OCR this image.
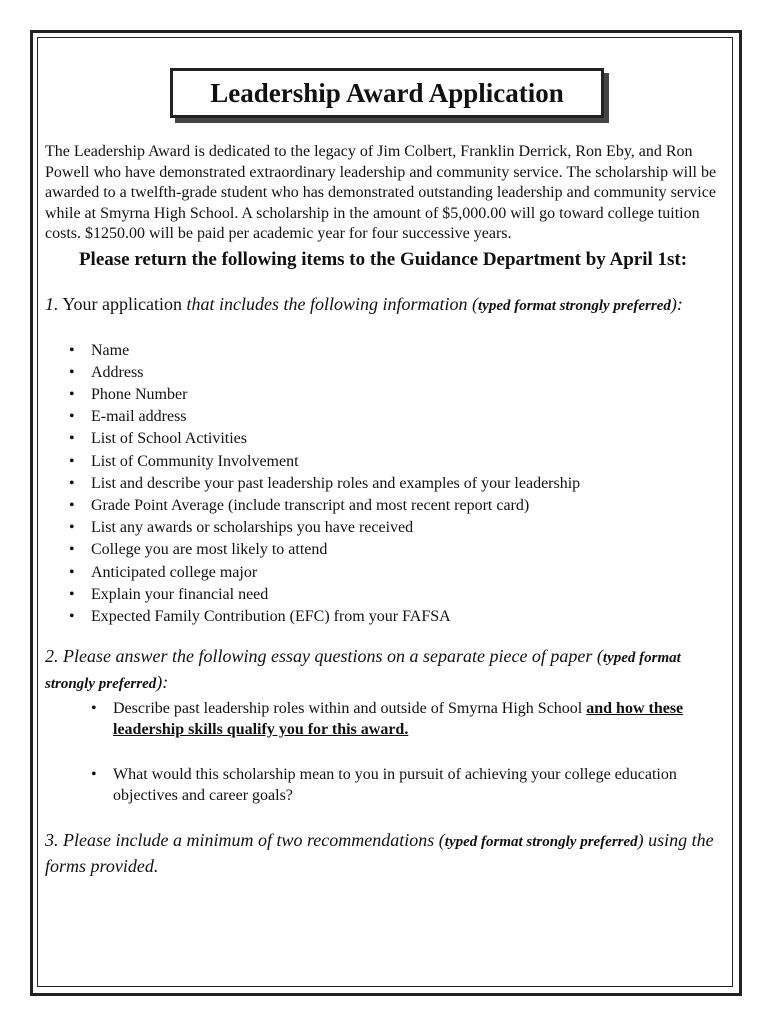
Leadership Award Application
The Leadership Award is dedicated to the legacy of Jim Colbert, Franklin Derrick, Ron Eby, and Ron Powell who have demonstrated extraordinary leadership and community service. The scholarship will be awarded to a twelfth-grade student who has demonstrated outstanding leadership and community service while at Smyrna High School. A scholarship in the amount of $5,000.00 will go toward college tuition costs. $1250.00 will be paid per academic year for four successive years.
Please return the following items to the Guidance Department by April 1st:
1. Your application that includes the following information (typed format strongly preferred):
• Name
• Address
• Phone Number
• E-mail address
• List of School Activities
• List of Community Involvement
• List and describe your past leadership roles and examples of your leadership
• Grade Point Average (include transcript and most recent report card)
• List any awards or scholarships you have received
• College you are most likely to attend
• Anticipated college major
• Explain your financial need
• Expected Family Contribution (EFC) from your FAFSA
2. Please answer the following essay questions on a separate piece of paper (typed format strongly preferred):
• Describe past leadership roles within and outside of Smyrna High School and how these leadership skills qualify you for this award.
• What would this scholarship mean to you in pursuit of achieving your college education objectives and career goals?
3. Please include a minimum of two recommendations (typed format strongly preferred) using the forms provided.
